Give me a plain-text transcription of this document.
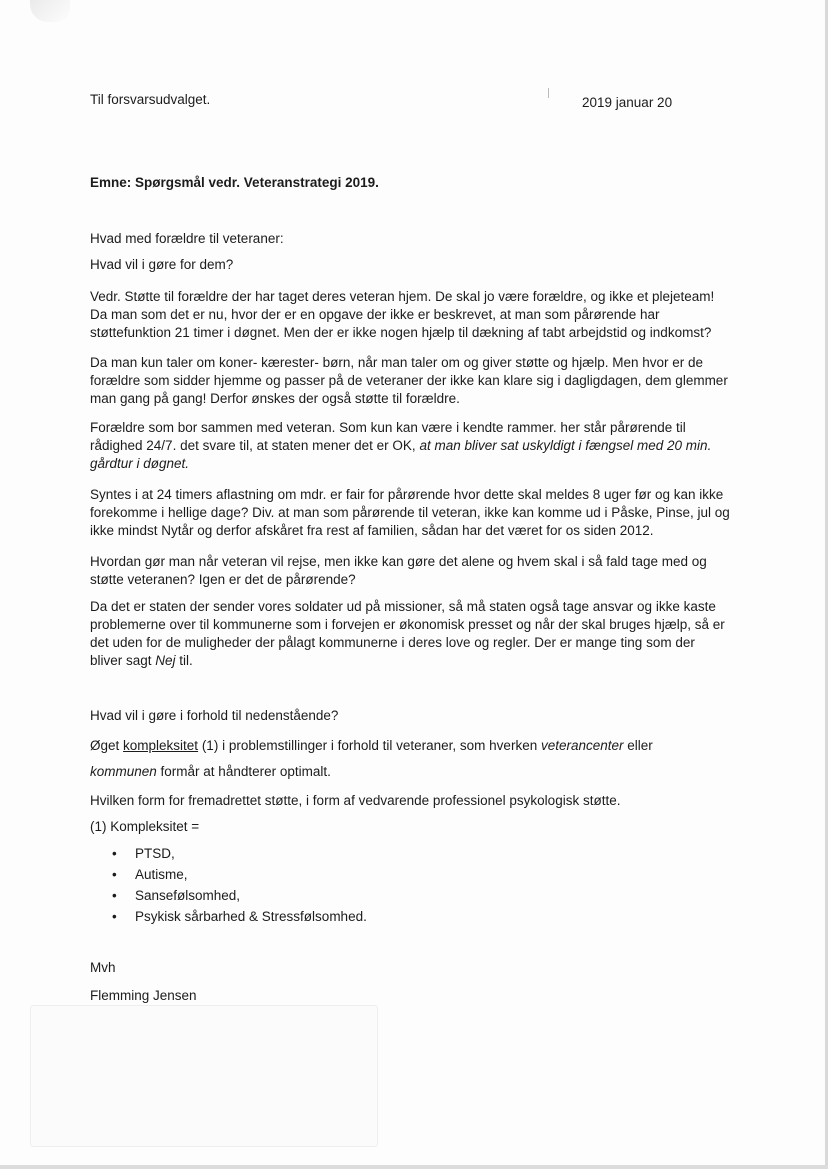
Til forsvarsudvalget.	2019 januar 20
Emne: Spørgsmål vedr. Veteranstrategi 2019.
Hvad med forældre til veteraner:
Hvad vil i gøre for dem?

Vedr. Støtte til forældre der har taget deres veteran hjem. De skal jo være forældre, og ikke et plejeteam! Da man som det er nu, hvor der er en opgave der ikke er beskrevet, at man som pårørende har støttefunktion 21 timer i døgnet. Men der er ikke nogen hjælp til dækning af tabt arbejdstid og indkomst?

Da man kun taler om koner- kærester- børn, når man taler om og giver støtte og hjælp. Men hvor er de forældre som sidder hjemme og passer på de veteraner der ikke kan klare sig i dagligdagen, dem glemmer man gang på gang! Derfor ønskes der også støtte til forældre.

Forældre som bor sammen med veteran. Som kun kan være i kendte rammer. her står pårørende til rådighed 24/7. det svare til, at staten mener det er OK, at man bliver sat uskyldigt i fængsel med 20 min. gårdtur i døgnet.

Syntes i at 24 timers aflastning om mdr. er fair for pårørende hvor dette skal meldes 8 uger før og kan ikke forekomme i hellige dage? Div. at man som pårørende til veteran, ikke kan komme ud i Påske, Pinse, jul og ikke mindst Nytår og derfor afskåret fra rest af familien, sådan har det været for os siden 2012.

Hvordan gør man når veteran vil rejse, men ikke kan gøre det alene og hvem skal i så fald tage med og støtte veteranen? Igen er det de pårørende?

Da det er staten der sender vores soldater ud på missioner, så må staten også tage ansvar og ikke kaste problemerne over til kommunerne som i forvejen er økonomisk presset og når der skal bruges hjælp, så er det uden for de muligheder der pålagt kommunerne i deres love og regler. Der er mange ting som der bliver sagt Nej til.

Hvad vil i gøre i forhold til nedenstående?
Øget kompleksitet (1) i problemstillinger i forhold til veteraner, som hverken veterancenter eller
kommunen formår at håndterer optimalt.
Hvilken form for fremadrettet støtte, i form af vedvarende professionel psykologisk støtte.
(1) Kompleksitet =
• PTSD,
• Autisme,
• Sansefølsomhed,
• Psykisk sårbarhed & Stressfølsomhed.
Mvh
Flemming Jensen
